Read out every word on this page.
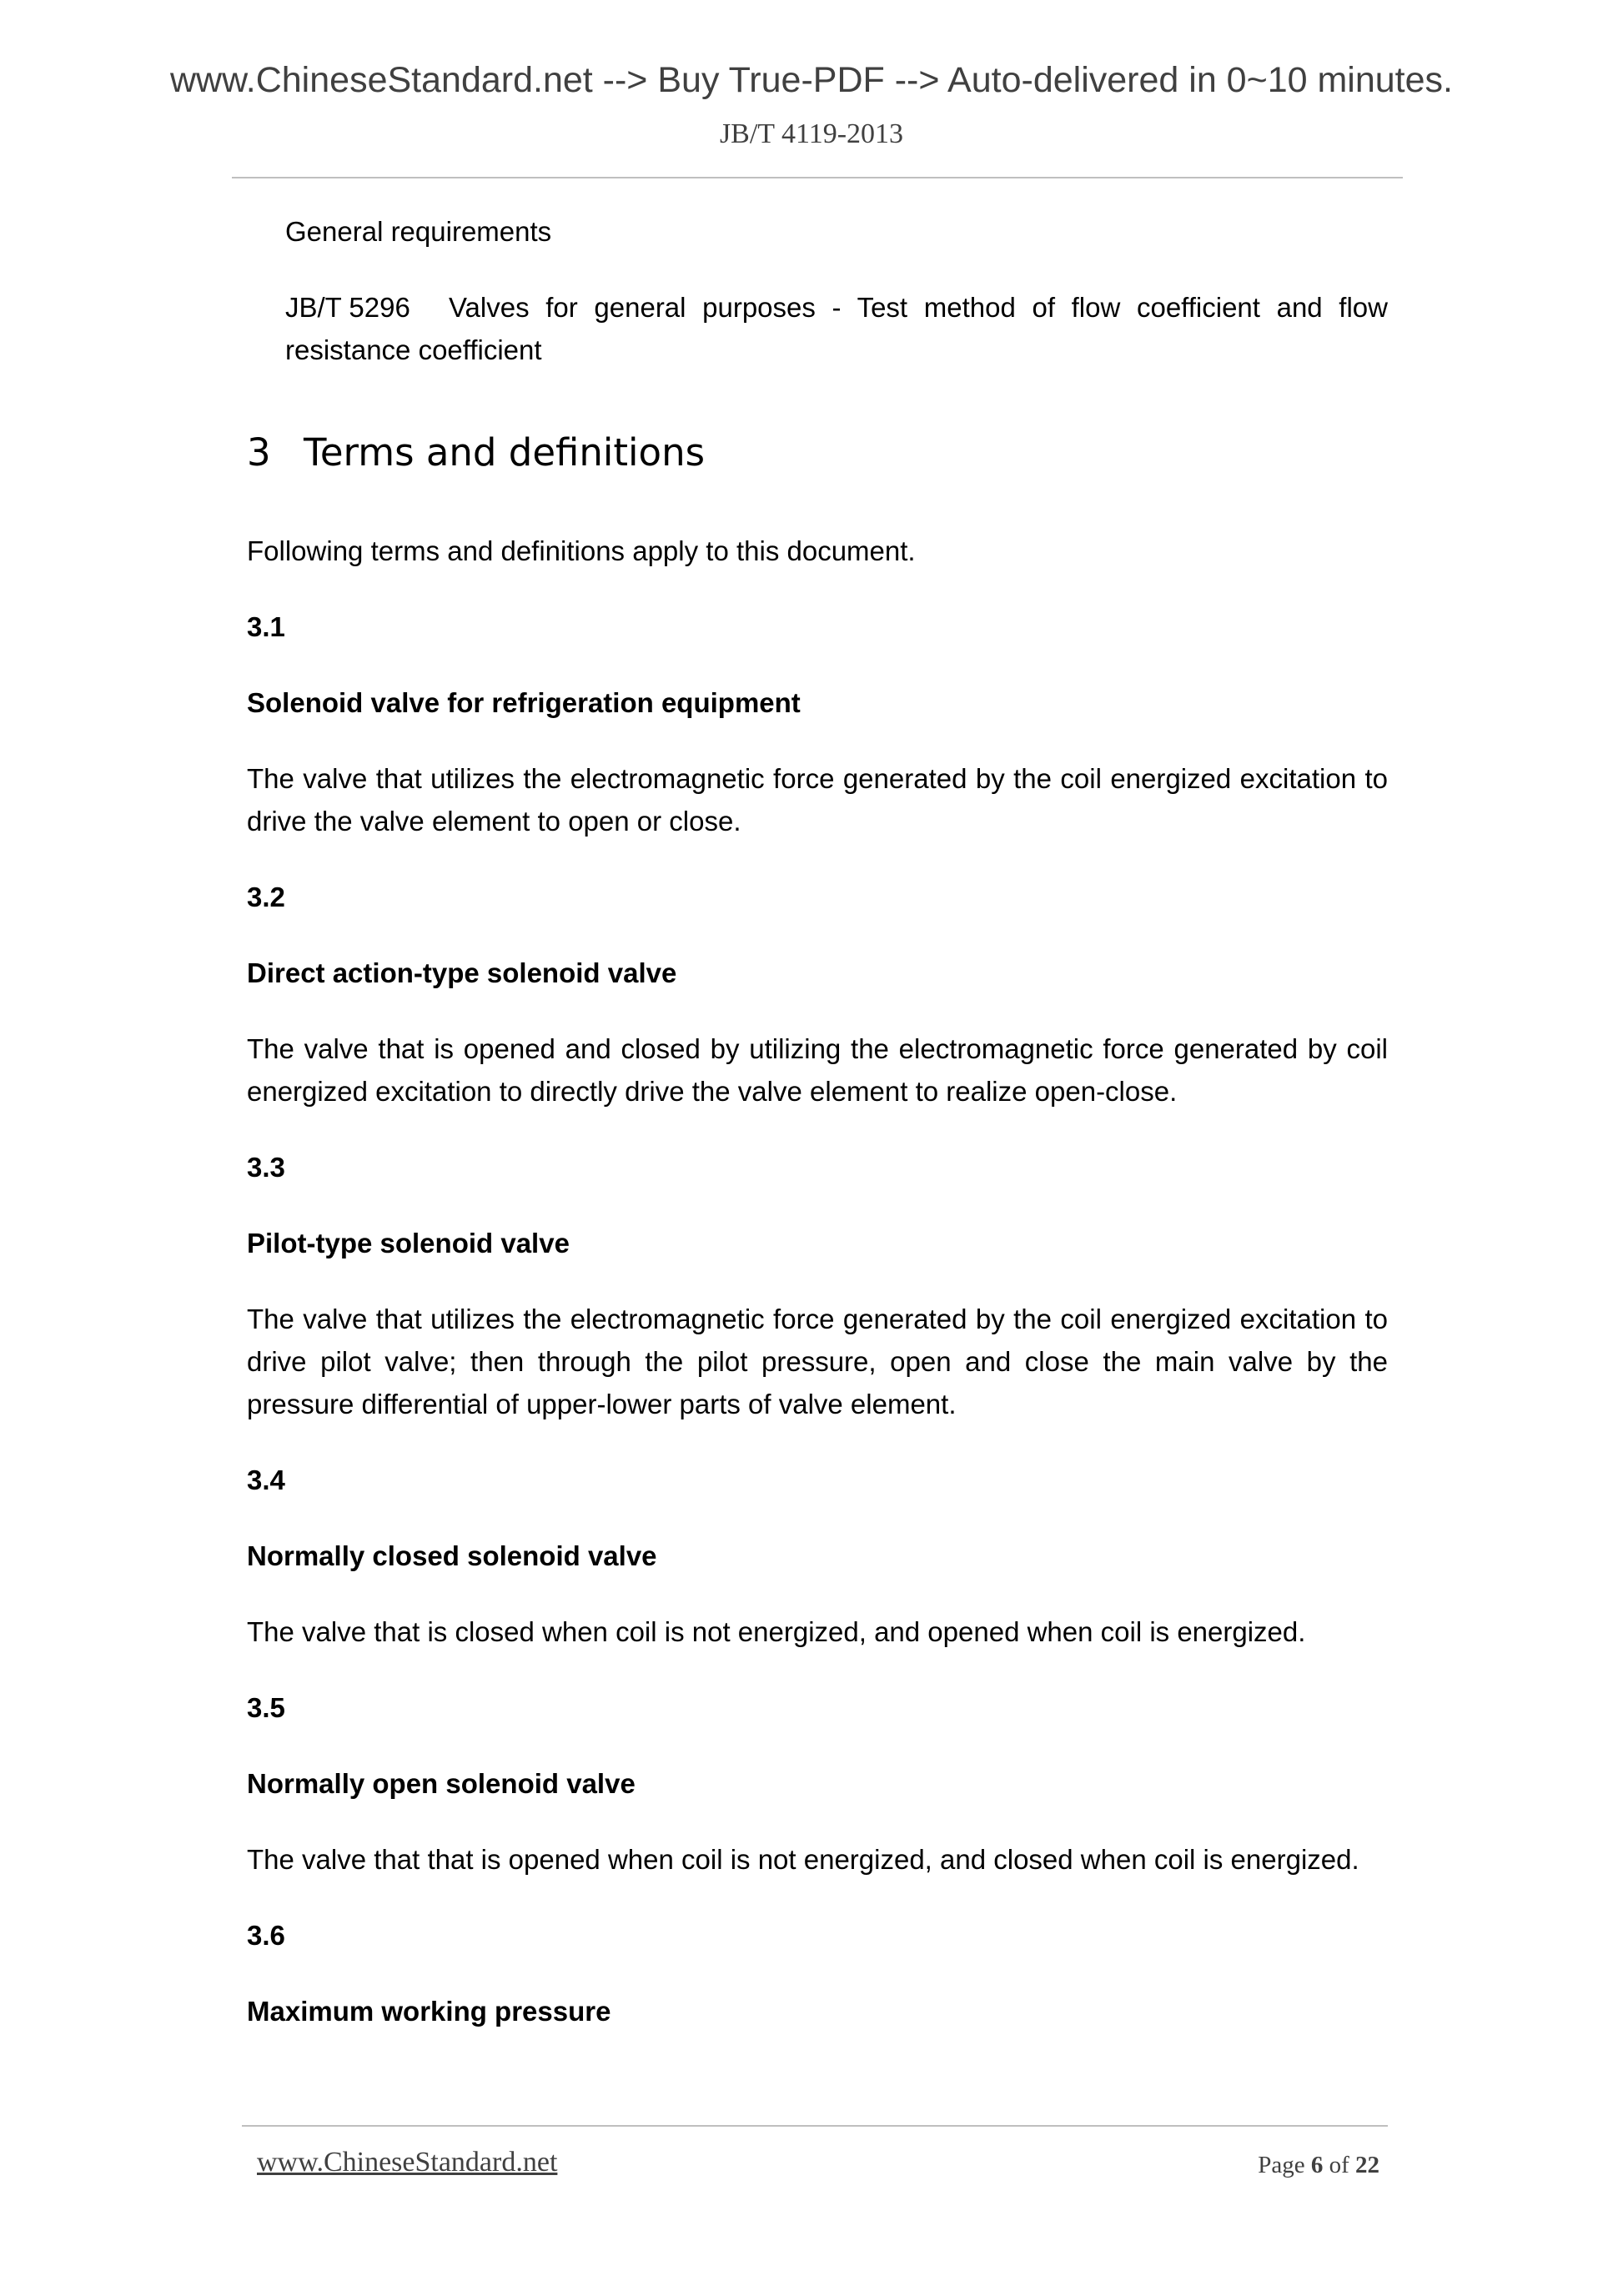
www.ChineseStandard.net --> Buy True-PDF --> Auto-delivered in 0~10 minutes.
JB/T 4119-2013

General requirements

JB/T 5296 Valves for general purposes - Test method of flow coefficient and flow resistance coefficient

3 Terms and definitions

Following terms and definitions apply to this document.

3.1

Solenoid valve for refrigeration equipment

The valve that utilizes the electromagnetic force generated by the coil energized excitation to drive the valve element to open or close.

3.2

Direct action-type solenoid valve

The valve that is opened and closed by utilizing the electromagnetic force generated by coil energized excitation to directly drive the valve element to realize open-close.

3.3

Pilot-type solenoid valve

The valve that utilizes the electromagnetic force generated by the coil energized excitation to drive pilot valve; then through the pilot pressure, open and close the main valve by the pressure differential of upper-lower parts of valve element.

3.4

Normally closed solenoid valve

The valve that is closed when coil is not energized, and opened when coil is energized.

3.5

Normally open solenoid valve

The valve that that is opened when coil is not energized, and closed when coil is energized.

3.6

Maximum working pressure

www.ChineseStandard.net	Page 6 of 22
